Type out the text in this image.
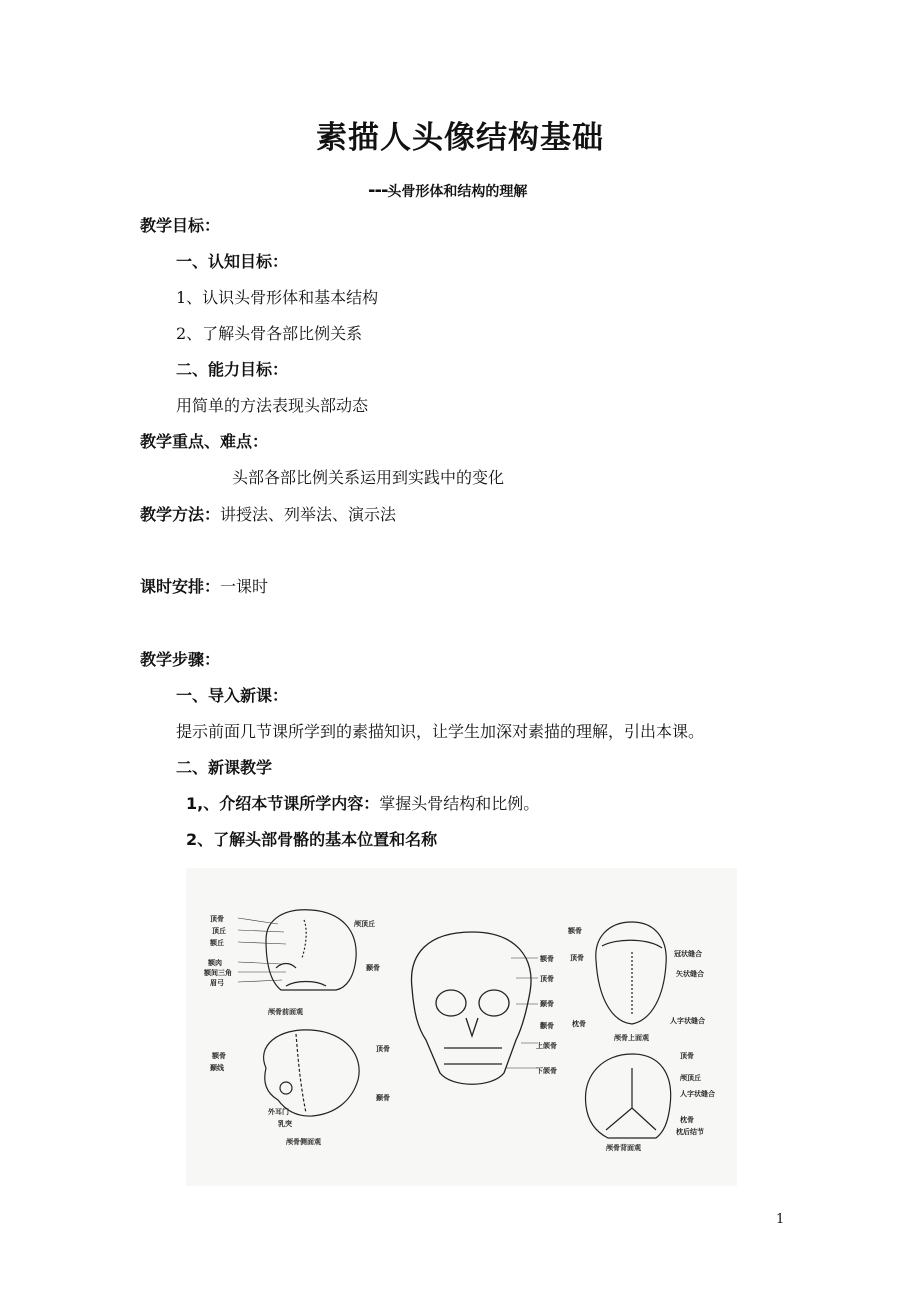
素描人头像结构基础
---头骨形体和结构的理解
教学目标：
一、认知目标：
1、认识头骨形体和基本结构
2、了解头骨各部比例关系
二、能力目标：
用简单的方法表现头部动态
教学重点、难点：
头部各部比例关系运用到实践中的变化
教学方法：讲授法、列举法、演示法
课时安排：一课时
教学步骤：
一、导入新课：
提示前面几节课所学到的素描知识，让学生加深对素描的理解，引出本课。
二、新课教学
1,、介绍本节课所学内容：掌握头骨结构和比例。
2、了解头部骨骼的基本位置和名称
顶骨
顶丘
额丘
额肉
额间三角
眉弓
颅顶丘
颞骨
颅骨前面观
额骨
颞线
顶骨
颞骨
外耳门
乳突
颅骨侧面观
额骨
顶骨
颞骨
颧骨
上颌骨
下颌骨
额骨
顶骨
枕骨
冠状缝合
矢状缝合
人字状缝合
颅骨上面观
顶骨
颅顶丘
人字状缝合
枕骨
枕后结节
颅骨背面观
1
